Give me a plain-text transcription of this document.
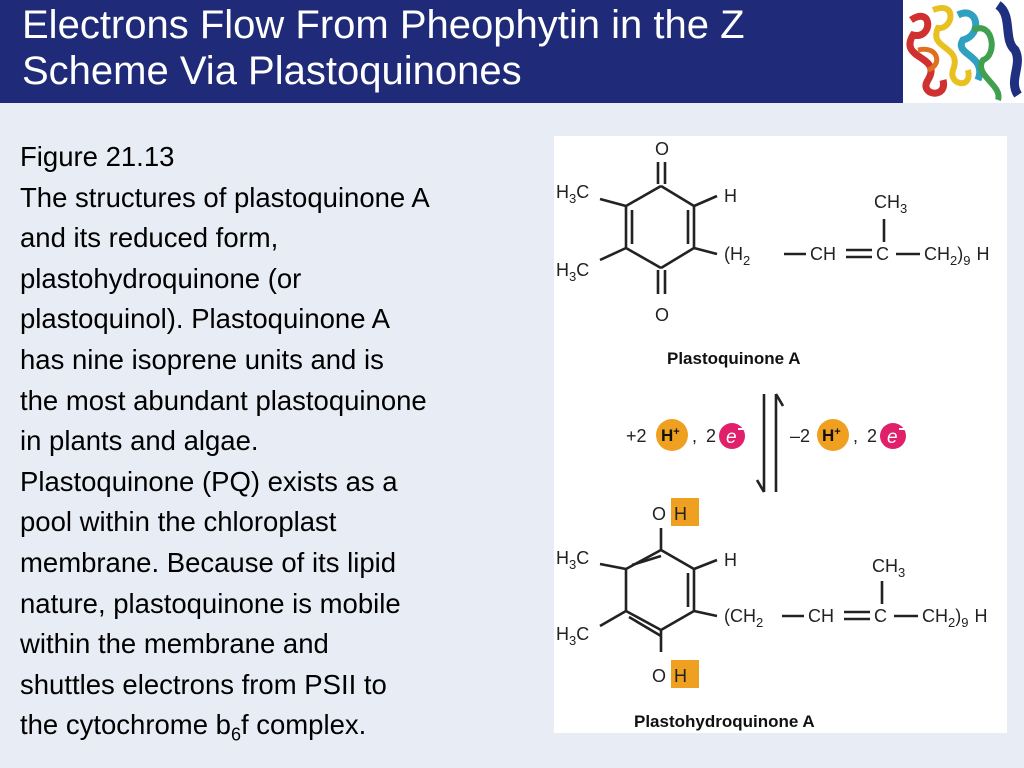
Electrons Flow From Pheophytin in the Z
Scheme Via Plastoquinones
Figure 21.13
The structures of plastoquinone A
and its reduced form,
plastohydroquinone (or
plastoquinol). Plastoquinone A
has nine isoprene units and is
the most abundant plastoquinone
in plants and algae.
Plastoquinone (PQ) exists as a
pool within the chloroplast
membrane. Because of its lipid
nature, plastoquinone is mobile
within the membrane and
shuttles electrons from PSII to
the cytochrome $b_6f$ complex.
O
O
$H_3C$
$H_3C$
H
($H_2$	CH C
$CH_3$
$CH_2)_9$ H
Plastoquinone A
+2 H+ , 2 e	–2 H+ , 2 e
O H
O H
$H_3C$
$H_3C$
H
($CH_2$ CH C
$CH_3$
$CH_2)_9$ H
Plastohydroquinone A
